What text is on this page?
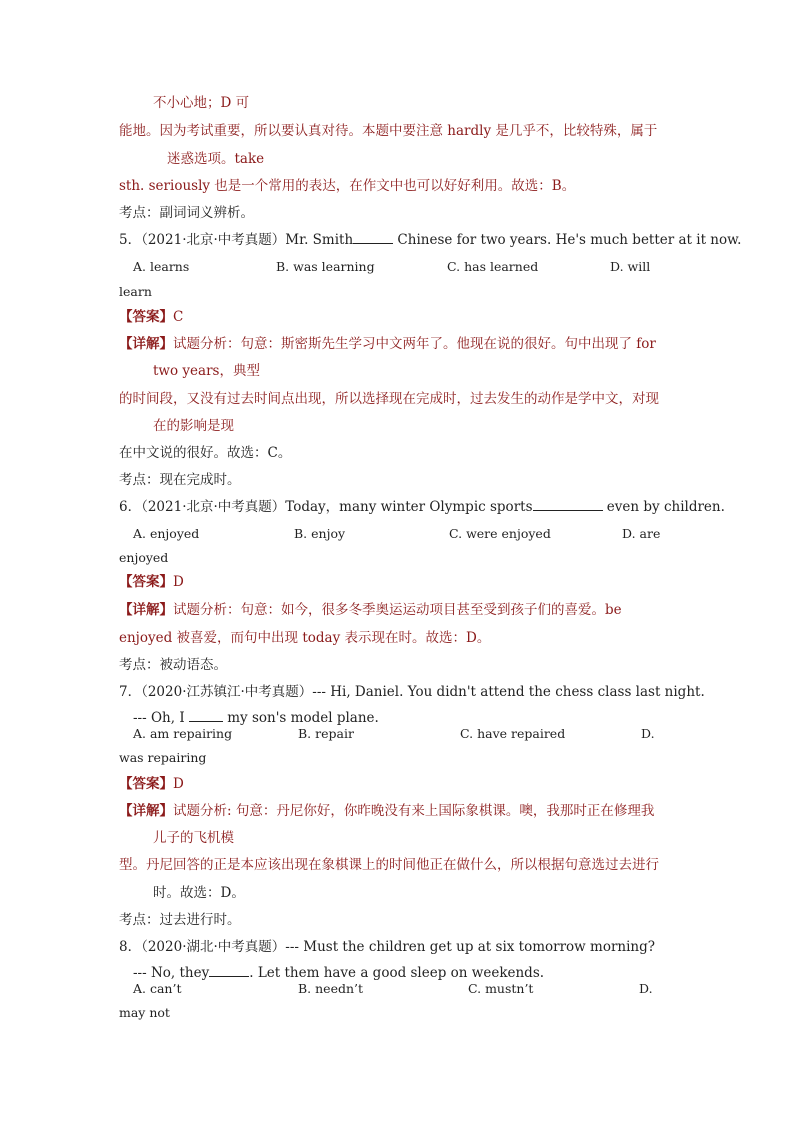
不小心地；D 可
能地。因为考试重要，所以要认真对待。本题中要注意 hardly 是几乎不，比较特殊，属于
迷惑选项。take
sth. seriously 也是一个常用的表达，在作文中也可以好好利用。故选：B。
考点：副词词义辨析。
5．（2021·北京·中考真题）Mr. Smith	Chinese for two years. He's much better at it now.
A. learns	B. was learning	C. has learned	D. will
learn
【答案】C
【详解】试题分析：句意：斯密斯先生学习中文两年了。他现在说的很好。句中出现了 for
two years，典型
的时间段，又没有过去时间点出现，所以选择现在完成时，过去发生的动作是学中文，对现
在的影响是现
在中文说的很好。故选：C。
考点：现在完成时。
6．（2021·北京·中考真题）Today，many winter Olympic sports	even by children.
A. enjoyed	B. enjoy	C. were enjoyed	D. are
enjoyed
【答案】D
【详解】试题分析：句意：如今，很多冬季奥运运动项目甚至受到孩子们的喜爱。be
enjoyed 被喜爱，而句中出现 today 表示现在时。故选：D。
考点：被动语态。
7．（2020·江苏镇江·中考真题）--- Hi, Daniel. You didn't attend the chess class last night.
--- Oh, I	my son's model plane.
A. am repairing	B. repair	C. have repaired	D.
was repairing
【答案】D
【详解】试题分析: 句意：丹尼你好，你昨晚没有来上国际象棋课。噢，我那时正在修理我
儿子的飞机模
型。丹尼回答的正是本应该出现在象棋课上的时间他正在做什么，所以根据句意选过去进行
时。故选：D。
考点：过去进行时。
8．（2020·湖北·中考真题）--- Must the children get up at six tomorrow morning?
--- No, they	. Let them have a good sleep on weekends.
A. can’t	B. needn’t	C. mustn’t	D.
may not
